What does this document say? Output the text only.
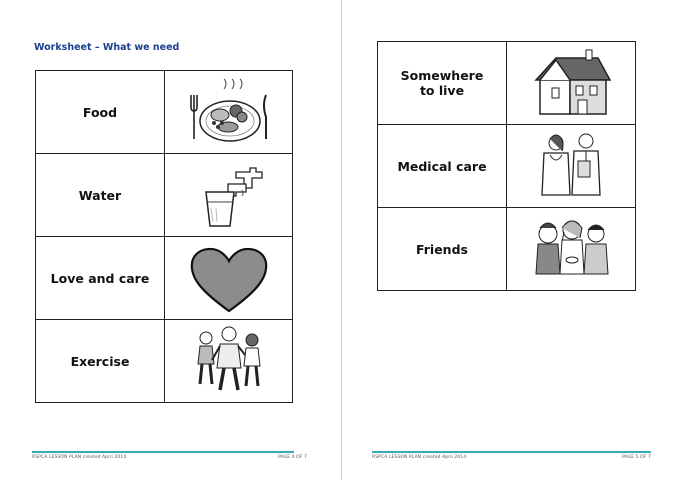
Worksheet – What we need
Food	

Water	

Love and care	

Exercise	
RSPCA LESSON PLAN created April 2014	PAGE 4 OF 7
Somewhere
to live	

Medical care	

Friends	
RSPCA LESSON PLAN created April 2014	PAGE 5 OF 7
